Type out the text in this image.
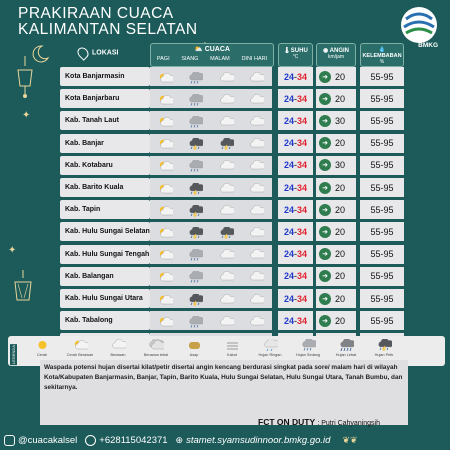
PRAKIRAAN CUACA
KALIMANTAN SELATAN
✦
✦
BMKG
LOKASI
⛅ CUACA
PAGI SIANG MALAM DINI HARI
🌡SUHU
°C
◉ ANGIN
km/jam
💧KELEMBABAN
%
Kota Banjarmasin	24 - 34	➜ 20	55-95
Kota Banjarbaru	24 - 34	➜ 20	55-95
Kab. Tanah Laut	24 - 34	➜ 30	55-95
Kab. Banjar	24 - 34	➜ 20	55-95
Kab. Kotabaru	24 - 34	➜ 30	55-95
Kab. Barito Kuala	24 - 34	➜ 20	55-95
Kab. Tapin	24 - 34	➜ 20	55-95
Kab. Hulu Sungai Selatan	24 - 34	➜ 20	55-95
Kab. Hulu Sungai Tengah	24 - 34	➜ 20	55-95
Kab. Balangan	24 - 34	➜ 20	55-95
Kab. Hulu Sungai Utara	24 - 34	➜ 20	55-95
Kab. Tabalong	24 - 34	➜ 20	55-95
LEGENDA	Cerah	Cerah Berawan	Berawan	Berawan tebal	Asap	Kabut	Hujan Ringan	Hujan Sedang	Hujan Lebat	Hujan Petir
Waspada potensi hujan disertai kilat/petir disertai angin kencang berdurasi singkat pada sore/ malam hari di wilayah Kota/Kabupaten Banjarmasin, Banjar, Tapin, Barito Kuala, Hulu Sungai Selatan, Hulu Sungai Utara, Tanah Bumbu, dan sekitarnya.
FCT ON DUTY : Putri Cahyaningsih
@cuacakalsel +628115042371 ⊕ stamet.syamsudinnoor.bmkg.go.id ❦❦
